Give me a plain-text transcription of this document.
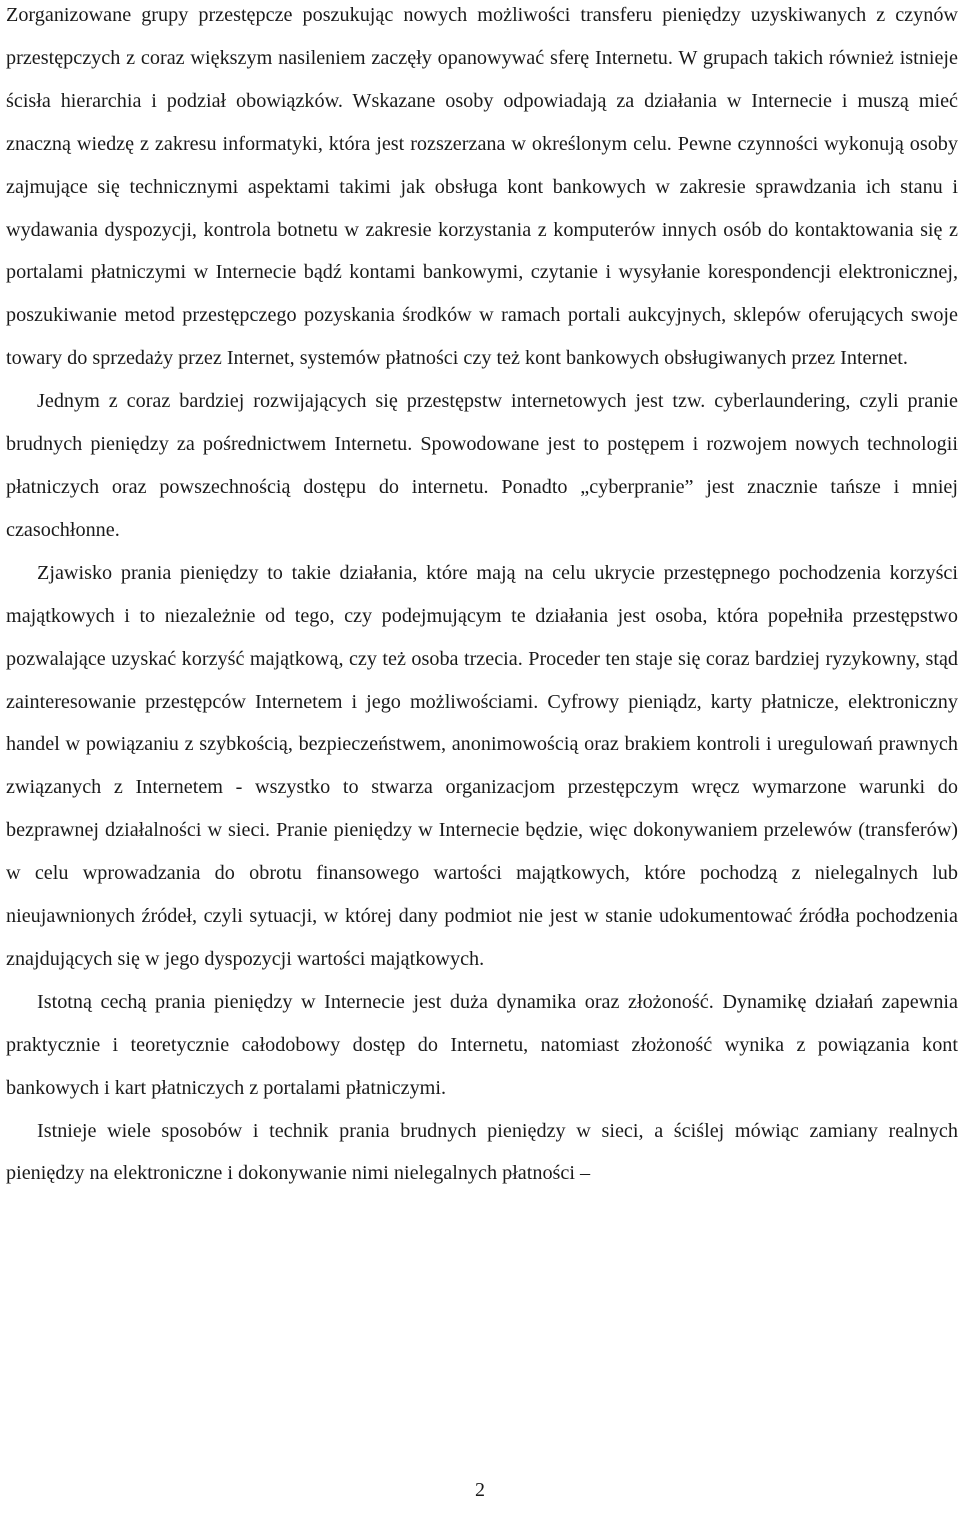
Zorganizowane grupy przestępcze poszukując nowych możliwości transferu pieniędzy uzyskiwanych z czynów przestępczych z coraz większym nasileniem zaczęły opanowywać sferę Internetu. W grupach takich również istnieje ścisła hierarchia i podział obowiązków. Wskazane osoby odpowiadają za działania w Internecie i muszą mieć znaczną wiedzę z zakresu informatyki, która jest rozszerzana w określonym celu. Pewne czynności wykonują osoby zajmujące się technicznymi aspektami takimi jak obsługa kont bankowych w zakresie sprawdzania ich stanu i wydawania dyspozycji, kontrola botnetu w zakresie korzystania z komputerów innych osób do kontaktowania się z portalami płatniczymi w Internecie bądź kontami bankowymi, czytanie i wysyłanie korespondencji elektronicznej, poszukiwanie metod przestępczego pozyskania środków w ramach portali aukcyjnych, sklepów oferujących swoje towary do sprzedaży przez Internet, systemów płatności czy też kont bankowych obsługiwanych przez Internet.

Jednym z coraz bardziej rozwijających się przestępstw internetowych jest tzw. cyberlaundering, czyli pranie brudnych pieniędzy za pośrednictwem Internetu. Spowodowane jest to postępem i rozwojem nowych technologii płatniczych oraz powszechnością dostępu do internetu. Ponadto „cyberpranie” jest znacznie tańsze i mniej czasochłonne.

Zjawisko prania pieniędzy to takie działania, które mają na celu ukrycie przestępnego pochodzenia korzyści majątkowych i to niezależnie od tego, czy podejmującym te działania jest osoba, która popełniła przestępstwo pozwalające uzyskać korzyść majątkową, czy też osoba trzecia. Proceder ten staje się coraz bardziej ryzykowny, stąd zainteresowanie przestępców Internetem i jego możliwościami. Cyfrowy pieniądz, karty płatnicze, elektroniczny handel w powiązaniu z szybkością, bezpieczeństwem, anonimowością oraz brakiem kontroli i uregulowań prawnych związanych z Internetem - wszystko to stwarza organizacjom przestępczym wręcz wymarzone warunki do bezprawnej działalności w sieci. Pranie pieniędzy w Internecie będzie, więc dokonywaniem przelewów (transferów) w celu wprowadzania do obrotu finansowego wartości majątkowych, które pochodzą z nielegalnych lub nieujawnionych źródeł, czyli sytuacji, w której dany podmiot nie jest w stanie udokumentować źródła pochodzenia znajdujących się w jego dyspozycji wartości majątkowych.

Istotną cechą prania pieniędzy w Internecie jest duża dynamika oraz złożoność. Dynamikę działań zapewnia praktycznie i teoretycznie całodobowy dostęp do Internetu, natomiast złożoność wynika z powiązania kont bankowych i kart płatniczych z portalami płatniczymi.

Istnieje wiele sposobów i technik prania brudnych pieniędzy w sieci, a ściślej mówiąc zamiany realnych pieniędzy na elektroniczne i dokonywanie nimi nielegalnych płatności –

2
